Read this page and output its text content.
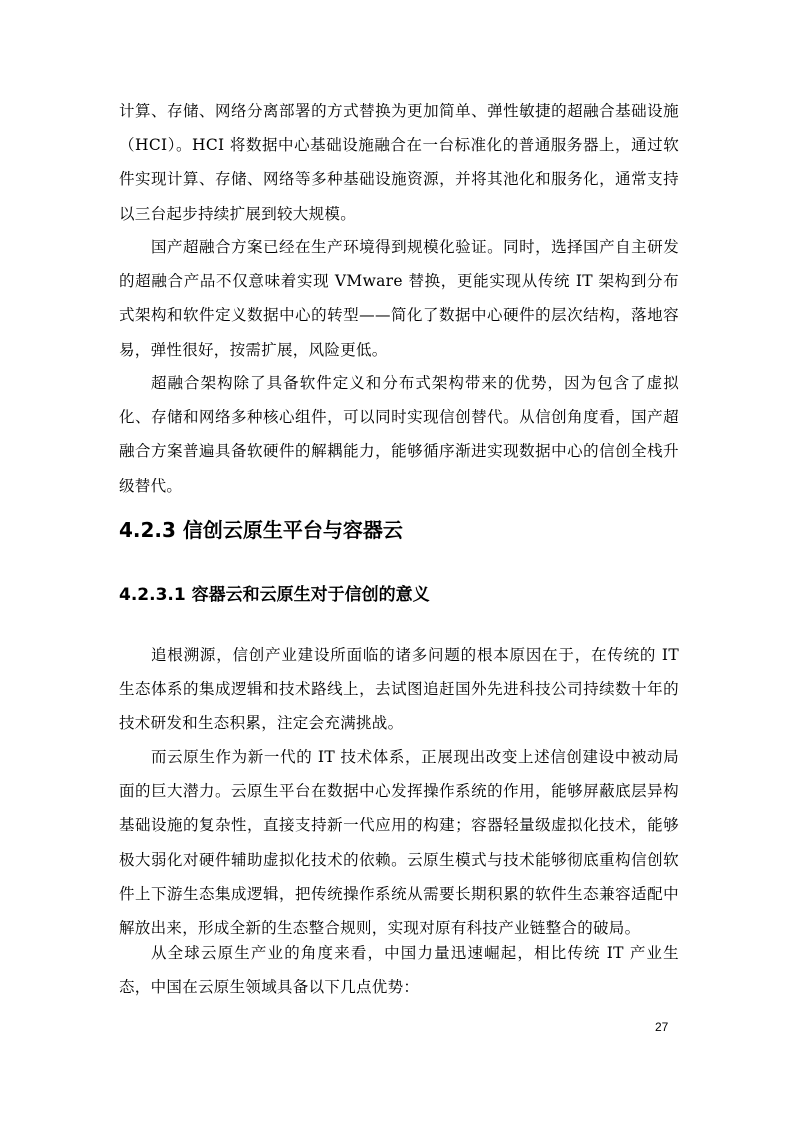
计算、存储、网络分离部署的方式替换为更加简单、弹性敏捷的超融合基础设施（HCI）。HCI 将数据中心基础设施融合在一台标准化的普通服务器上，通过软件实现计算、存储、网络等多种基础设施资源，并将其池化和服务化，通常支持以三台起步持续扩展到较大规模。

国产超融合方案已经在生产环境得到规模化验证。同时，选择国产自主研发的超融合产品不仅意味着实现 VMware 替换，更能实现从传统 IT 架构到分布式架构和软件定义数据中心的转型——简化了数据中心硬件的层次结构，落地容易，弹性很好，按需扩展，风险更低。

超融合架构除了具备软件定义和分布式架构带来的优势，因为包含了虚拟化、存储和网络多种核心组件，可以同时实现信创替代。从信创角度看，国产超融合方案普遍具备软硬件的解耦能力，能够循序渐进实现数据中心的信创全栈升级替代。

4.2.3 信创云原生平台与容器云
4.2.3.1 容器云和云原生对于信创的意义

追根溯源，信创产业建设所面临的诸多问题的根本原因在于，在传统的 IT 生态体系的集成逻辑和技术路线上，去试图追赶国外先进科技公司持续数十年的技术研发和生态积累，注定会充满挑战。

而云原生作为新一代的 IT 技术体系，正展现出改变上述信创建设中被动局面的巨大潜力。云原生平台在数据中心发挥操作系统的作用，能够屏蔽底层异构基础设施的复杂性，直接支持新一代应用的构建；容器轻量级虚拟化技术，能够极大弱化对硬件辅助虚拟化技术的依赖。云原生模式与技术能够彻底重构信创软件上下游生态集成逻辑，把传统操作系统从需要长期积累的软件生态兼容适配中解放出来，形成全新的生态整合规则，实现对原有科技产业链整合的破局。

从全球云原生产业的角度来看，中国力量迅速崛起，相比传统 IT 产业生态，中国在云原生领域具备以下几点优势：

27
